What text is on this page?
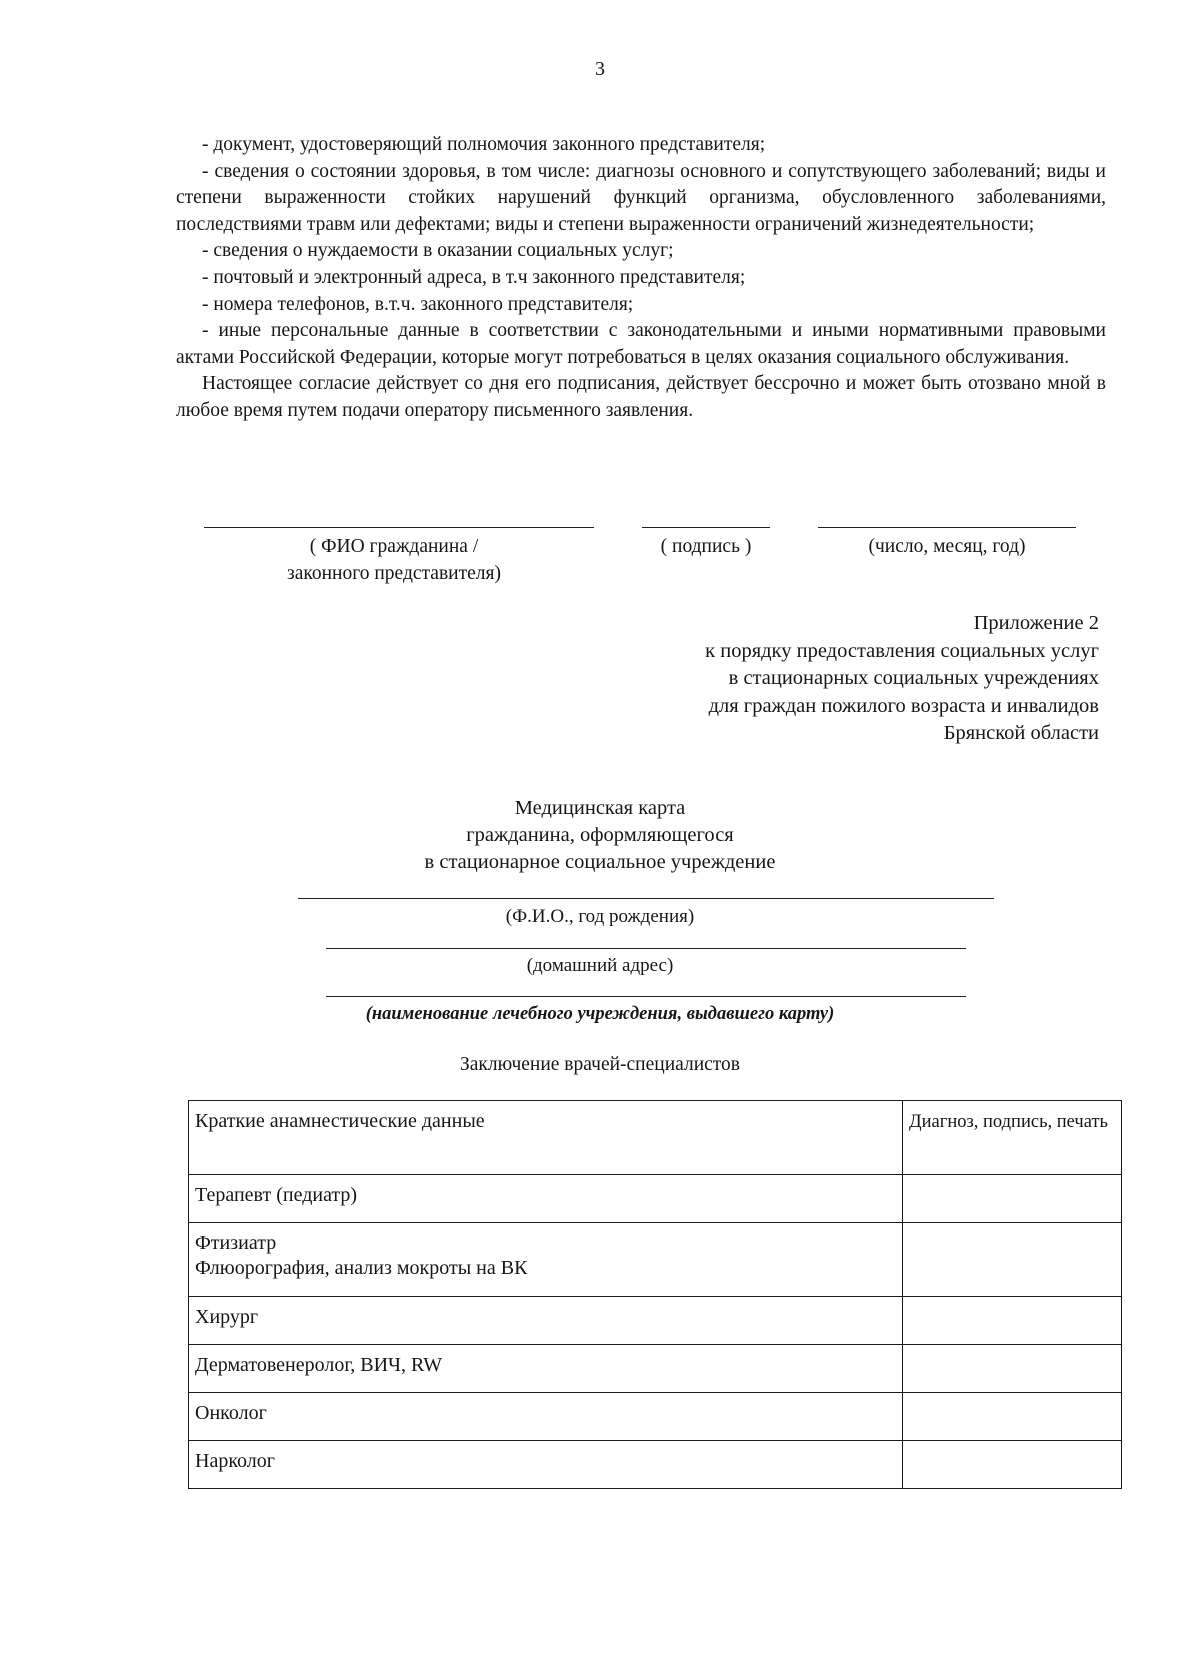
3

- документ, удостоверяющий полномочия законного представителя;

- сведения о состоянии здоровья, в том числе: диагнозы основного и сопутствующего заболеваний; виды и степени выраженности стойких нарушений функций организма, обусловленного заболеваниями, последствиями травм или дефектами; виды и степени выраженности ограничений жизнедеятельности;

- сведения о нуждаемости в оказании социальных услуг;

- почтовый и электронный адреса, в т.ч законного представителя;

- номера телефонов, в.т.ч. законного представителя;

- иные персональные данные в соответствии с законодательными и иными нормативными правовыми актами Российской Федерации, которые могут потребоваться в целях оказания социального обслуживания.

Настоящее согласие действует со дня его подписания, действует бессрочно и может быть отозвано мной в любое время путем подачи оператору письменного заявления.

( ФИО гражданина /
законного представителя)
( подпись )	(число, месяц, год)
Приложение 2
к порядку предоставления социальных услуг
в стационарных социальных учреждениях
для граждан пожилого возраста и инвалидов
Брянской области
Медицинская карта
гражданина, оформляющегося
в стационарное социальное учреждение
(Ф.И.О., год рождения)
(домашний адрес)
(наименование лечебного учреждения, выдавшего карту)
Заключение врачей-специалистов
Краткие анамнестические данные	Диагноз, подпись, печать

Терапевт (педиатр)	

Фтизиатр
Флюорография, анализ мокроты на ВК	

Хирург	

Дерматовенеролог, ВИЧ, RW	

Онколог	

Нарколог	
